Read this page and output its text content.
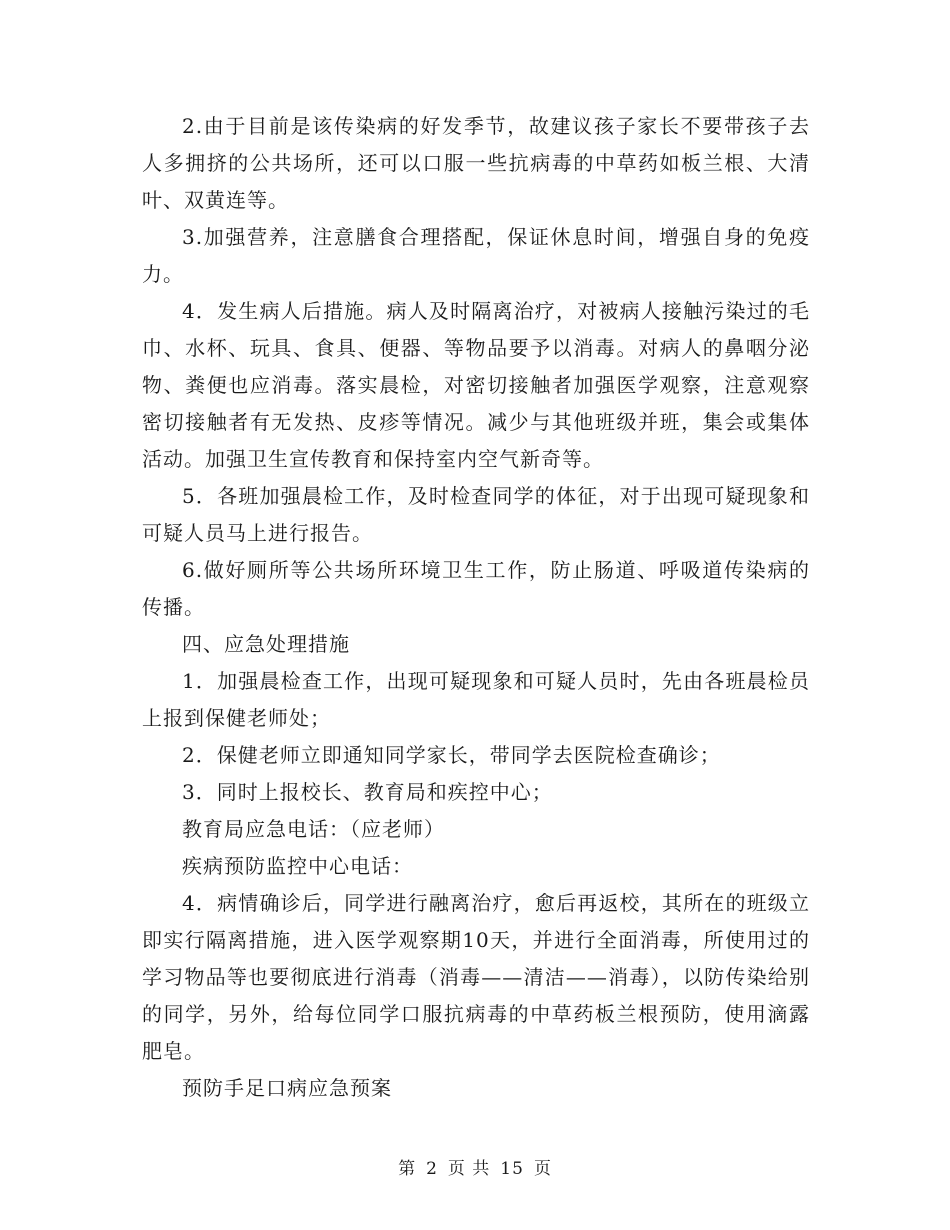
2.由于目前是该传染病的好发季节，故建议孩子家长不要带孩子去人多拥挤的公共场所，还可以口服一些抗病毒的中草药如板兰根、大清叶、双黄连等。

3.加强营养，注意膳食合理搭配，保证休息时间，增强自身的免疫力。

4．发生病人后措施。病人及时隔离治疗，对被病人接触污染过的毛巾、水杯、玩具、食具、便器、等物品要予以消毒。对病人的鼻咽分泌物、粪便也应消毒。落实晨检，对密切接触者加强医学观察，注意观察密切接触者有无发热、皮疹等情况。减少与其他班级并班，集会或集体活动。加强卫生宣传教育和保持室内空气新奇等。

5．各班加强晨检工作，及时检查同学的体征，对于出现可疑现象和可疑人员马上进行报告。

6.做好厕所等公共场所环境卫生工作，防止肠道、呼吸道传染病的传播。

四、应急处理措施

1．加强晨检查工作，出现可疑现象和可疑人员时，先由各班晨检员上报到保健老师处；

2．保健老师立即通知同学家长，带同学去医院检查确诊；

3．同时上报校长、教育局和疾控中心；

教育局应急电话：（应老师）

疾病预防监控中心电话：

4．病情确诊后，同学进行融离治疗，愈后再返校，其所在的班级立即实行隔离措施，进入医学观察期10天，并进行全面消毒，所使用过的学习物品等也要彻底进行消毒（消毒——清洁——消毒），以防传染给别的同学，另外，给每位同学口服抗病毒的中草药板兰根预防，使用滴露肥皂。

预防手足口病应急预案

第 2 页 共 15 页
